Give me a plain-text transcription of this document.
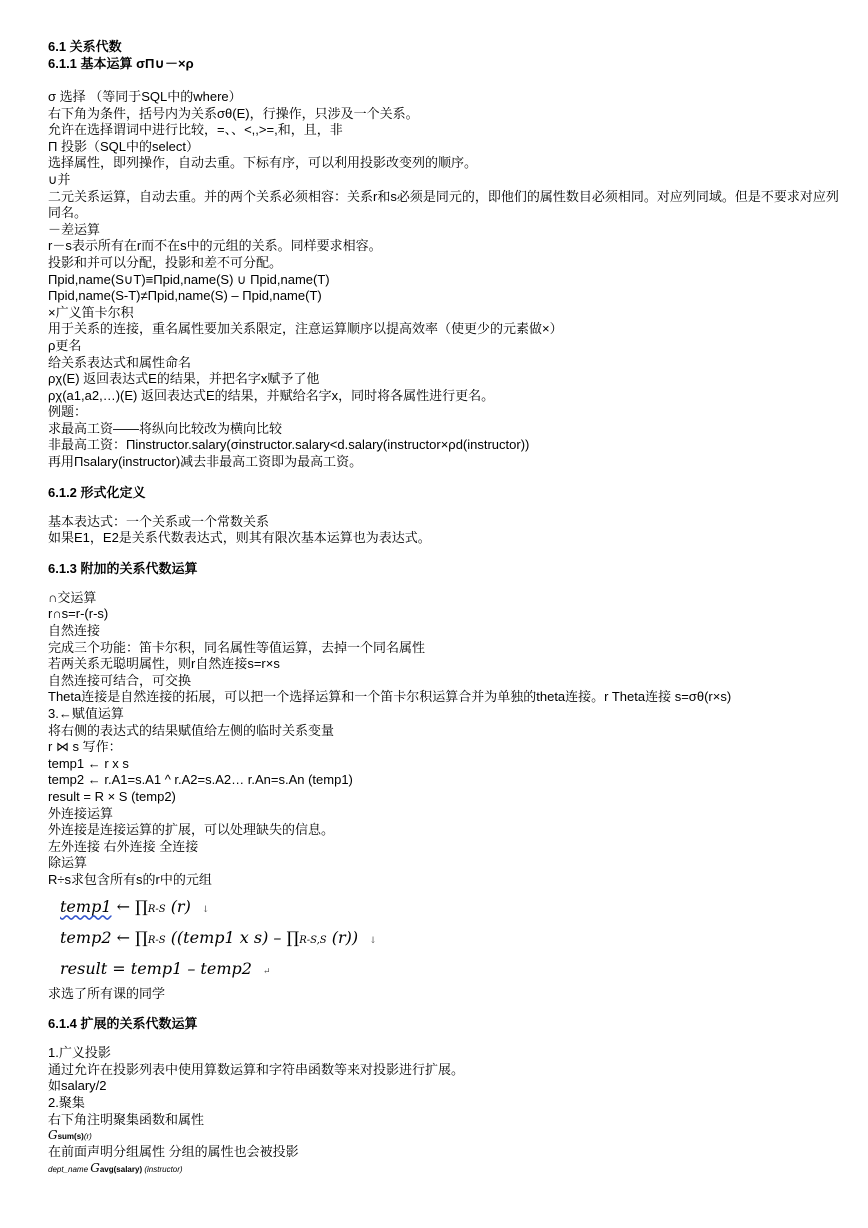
6.1 关系代数

6.1.1 基本运算 σΠ∪－×ρ

σ 选择 （等同于SQL中的where）

右下角为条件，括号内为关系σθ(E)，行操作，只涉及一个关系。

允许在选择谓词中进行比较，=、、<,,>=,和，且，非

Π 投影（SQL中的select）

选择属性，即列操作，自动去重。下标有序，可以利用投影改变列的顺序。

∪并

二元关系运算，自动去重。并的两个关系必须相容：关系r和s必须是同元的，即他们的属性数目必须相同。对应列同域。但是不要求对应列同名。

－差运算

r－s表示所有在r而不在s中的元组的关系。同样要求相容。

投影和并可以分配，投影和差不可分配。

Πpid,name(S∪T)≡Πpid,name(S) ∪ Πpid,name(T)

Πpid,name(S-T)≠Πpid,name(S) – Πpid,name(T)

×广义笛卡尔积

用于关系的连接，重名属性要加关系限定，注意运算顺序以提高效率（使更少的元素做×）

ρ更名

给关系表达式和属性命名

ρχ(E) 返回表达式E的结果，并把名字x赋予了他

ρχ(a1,a2,…)(E) 返回表达式E的结果，并赋给名字x，同时将各属性进行更名。

例题：

求最高工资——将纵向比较改为横向比较

非最高工资：Πinstructor.salary(σinstructor.salary<d.salary(instructor×ρd(instructor))

再用Πsalary(instructor)减去非最高工资即为最高工资。

6.1.2 形式化定义

基本表达式：一个关系或一个常数关系

如果E1，E2是关系代数表达式，则其有限次基本运算也为表达式。

6.1.3 附加的关系代数运算

∩交运算

r∩s=r-(r-s)

自然连接

完成三个功能：笛卡尔积，同名属性等值运算，去掉一个同名属性

若两关系无聪明属性，则r自然连接s=r×s

自然连接可结合，可交换

Theta连接是自然连接的拓展，可以把一个选择运算和一个笛卡尔积运算合并为单独的theta连接。r Theta连接 s=σθ(r×s)

3.←赋值运算

将右侧的表达式的结果赋值给左侧的临时关系变量

r ⋈ s 写作：

temp1 ← r x s

temp2 ← r.A1=s.A1 ^ r.A2=s.A2… r.An=s.An (temp1)

result = R × S (temp2)

外连接运算

外连接是连接运算的扩展，可以处理缺失的信息。

左外连接 右外连接 全连接

除运算

R÷s求包含所有s的r中的元组

temp1 ← ∏R-S (r) ↓
temp2 ← ∏R-S ((temp1 x s) – ∏R-S,S (r)) ↓
result = temp1 – temp2 ↵

求选了所有课的同学

6.1.4 扩展的关系代数运算

1.广义投影

通过允许在投影列表中使用算数运算和字符串函数等来对投影进行扩展。

如salary/2

2.聚集

右下角注明聚集函数和属性

Gsum(s)(r)

在前面声明分组属性 分组的属性也会被投影

dept_name Gavg(salary) (instructor)
